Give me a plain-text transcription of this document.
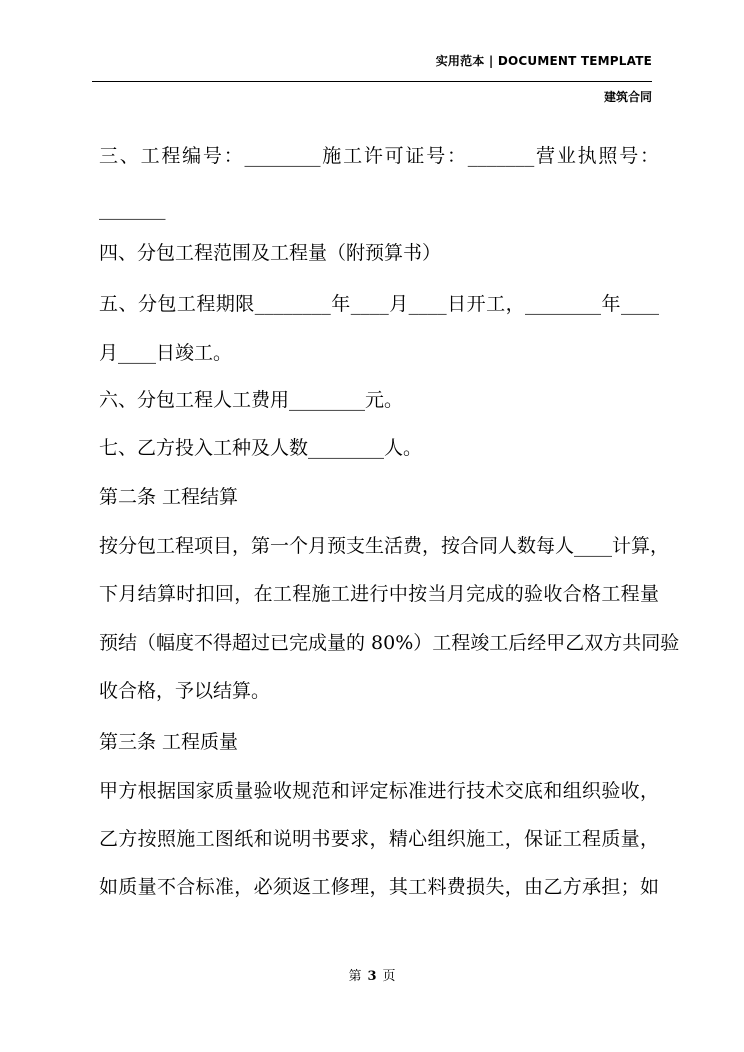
实用范本 | DOCUMENT TEMPLATE
建筑合同
三、工程编号：________施工许可证号：_______营业执照号：
_______
四、分包工程范围及工程量（附预算书）
五、分包工程期限________年____月____日开工，________年____
月____日竣工。
六、分包工程人工费用________元。
七、乙方投入工种及人数________人。
第二条 工程结算
按分包工程项目，第一个月预支生活费，按合同人数每人____计算，
下月结算时扣回，在工程施工进行中按当月完成的验收合格工程量
预结（幅度不得超过已完成量的 80%）工程竣工后经甲乙双方共同验
收合格，予以结算。
第三条 工程质量
甲方根据国家质量验收规范和评定标准进行技术交底和组织验收，
乙方按照施工图纸和说明书要求，精心组织施工，保证工程质量，
如质量不合标准，必须返工修理，其工料费损失，由乙方承担；如
第 3 页
